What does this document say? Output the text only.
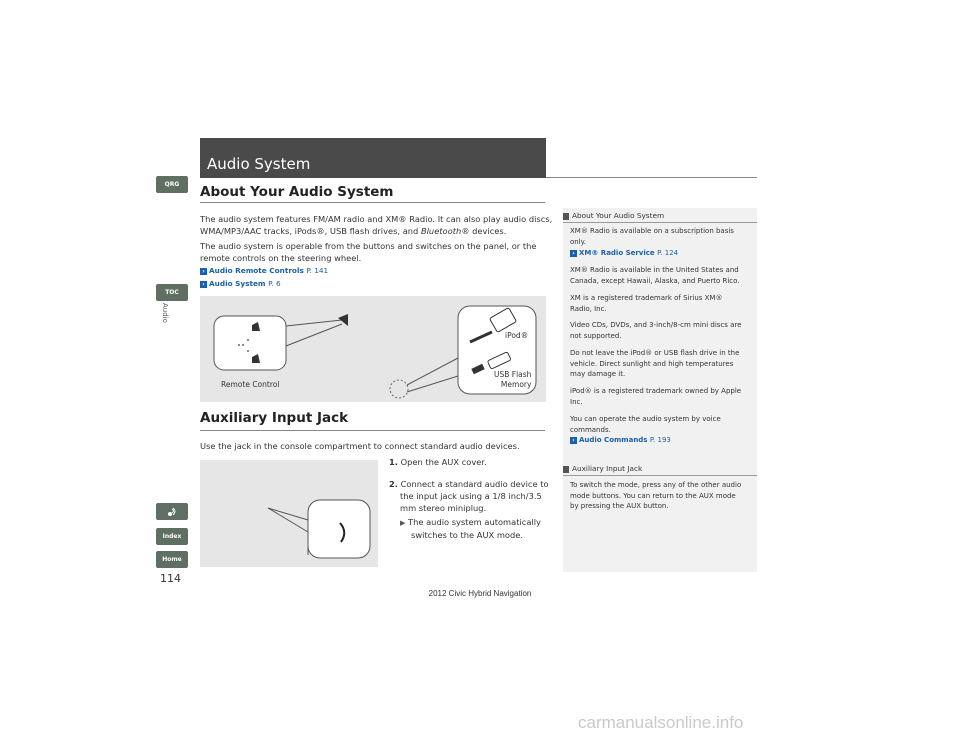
QRG
TOC
Audio
Index
Home
114
Audio System
About Your Audio System
The audio system features FM/AM radio and XM® Radio. It can also play audio discs,
WMA/MP3/AAC tracks, iPods®, USB flash drives, and Bluetooth® devices.
The audio system is operable from the buttons and switches on the panel, or the
remote controls on the steering wheel.
› Audio Remote Controls P. 141
› Audio System P. 6
Remote Control
iPod®
USB Flash
Memory
Auxiliary Input Jack
Use the jack in the console compartment to connect standard audio devices.
1. Open the AUX cover.
2. Connect a standard audio device to
the input jack using a 1/8 inch/3.5
mm stereo miniplug.
▶ The audio system automatically
switches to the AUX mode.
About Your Audio System
XM® Radio is available on a subscription basis
only.
› XM® Radio Service P. 124
XM® Radio is available in the United States and
Canada, except Hawaii, Alaska, and Puerto Rico.
XM is a registered trademark of Sirius XM®
Radio, Inc.
Video CDs, DVDs, and 3-inch/8-cm mini discs are
not supported.
Do not leave the iPod® or USB flash drive in the
vehicle. Direct sunlight and high temperatures
may damage it.
iPod® is a registered trademark owned by Apple
Inc.
You can operate the audio system by voice
commands.
› Audio Commands P. 193
Auxiliary Input Jack
To switch the mode, press any of the other audio
mode buttons. You can return to the AUX mode
by pressing the AUX button.
2012 Civic Hybrid Navigation
carmanualsonline.info
